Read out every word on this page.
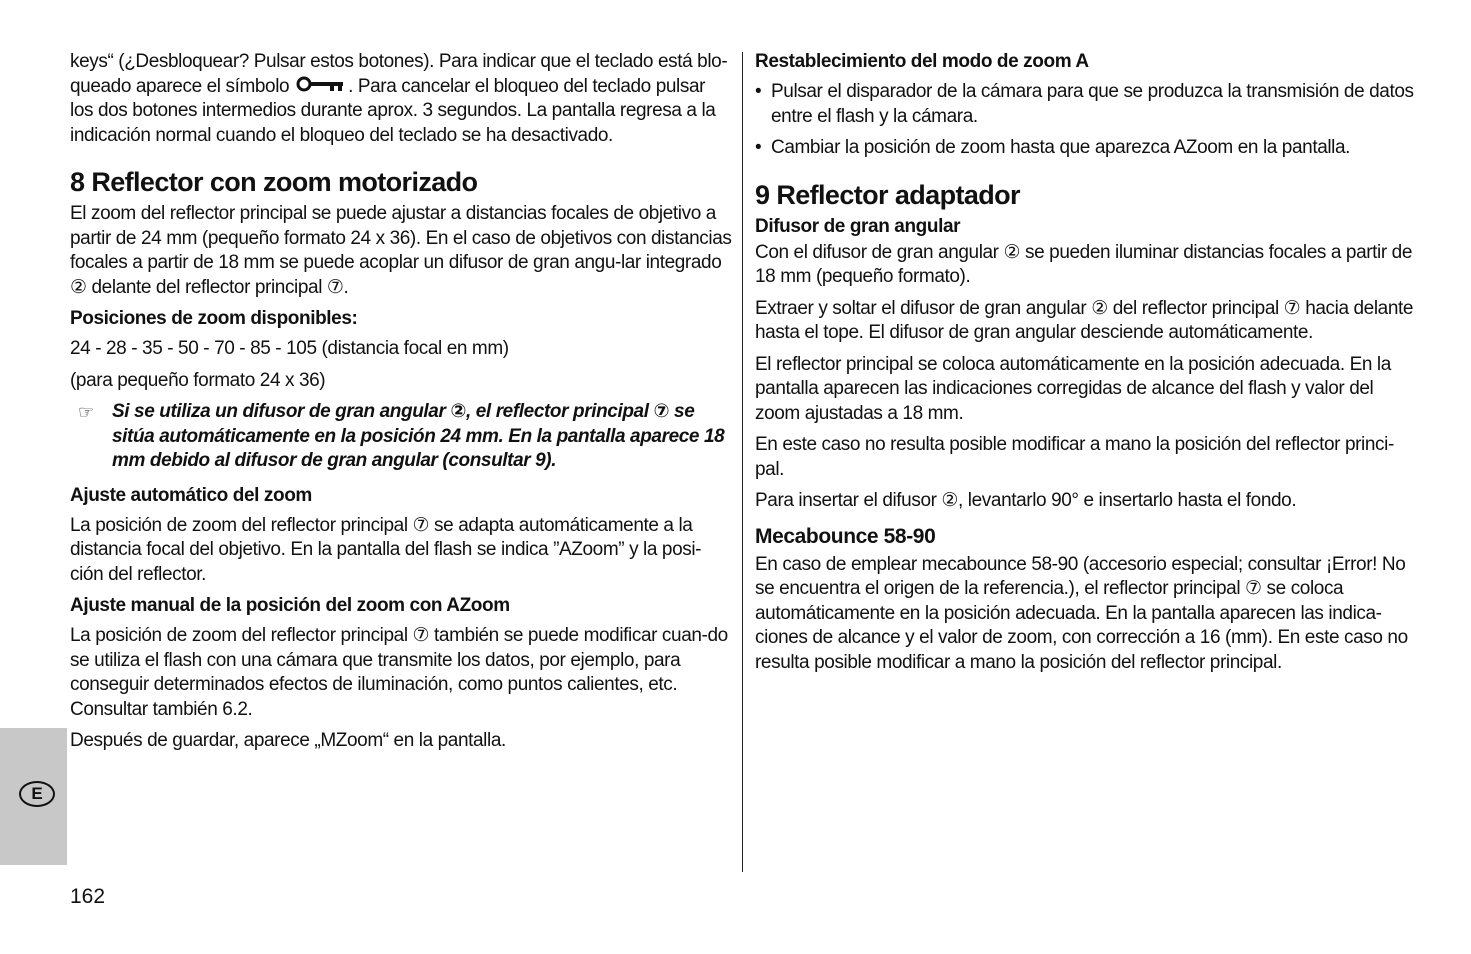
keys“ (¿Desbloquear? Pulsar estos botones). Para indicar que el teclado está blo-queado aparece el símbolo	. Para cancelar el bloqueo del teclado pulsar los dos botones intermedios durante aprox. 3 segundos. La pantalla regresa a la indicación normal cuando el bloqueo del teclado se ha desactivado.

8 Reflector con zoom motorizado

El zoom del reflector principal se puede ajustar a distancias focales de objetivo a partir de 24 mm (pequeño formato 24 x 36). En el caso de objetivos con distancias focales a partir de 18 mm se puede acoplar un difusor de gran angu-lar integrado ② delante del reflector principal ⑦.

Posiciones de zoom disponibles:

24 - 28 - 35 - 50 - 70 - 85 - 105 (distancia focal en mm)

(para pequeño formato 24 x 36)

☞ Si se utiliza un difusor de gran angular ②, el reflector principal ⑦ se sitúa automáticamente en la posición 24 mm. En la pantalla aparece 18 mm debido al difusor de gran angular (consultar 9).
Ajuste automático del zoom

La posición de zoom del reflector principal ⑦ se adapta automáticamente a la distancia focal del objetivo. En la pantalla del flash se indica ”AZoom” y la posi-ción del reflector.

Ajuste manual de la posición del zoom con AZoom

La posición de zoom del reflector principal ⑦ también se puede modificar cuan-do se utiliza el flash con una cámara que transmite los datos, por ejemplo, para conseguir determinados efectos de iluminación, como puntos calientes, etc. Consultar también 6.2.

Después de guardar, aparece „MZoom“ en la pantalla.

Restablecimiento del modo de zoom A
• Pulsar el disparador de la cámara para que se produzca la transmisión de datos entre el flash y la cámara.
• Cambiar la posición de zoom hasta que aparezca AZoom en la pantalla.
9 Reflector adaptador
Difusor de gran angular

Con el difusor de gran angular ② se pueden iluminar distancias focales a partir de 18 mm (pequeño formato).

Extraer y soltar el difusor de gran angular ② del reflector principal ⑦ hacia delante hasta el tope. El difusor de gran angular desciende automáticamente.

El reflector principal se coloca automáticamente en la posición adecuada. En la pantalla aparecen las indicaciones corregidas de alcance del flash y valor del zoom ajustadas a 18 mm.

En este caso no resulta posible modificar a mano la posición del reflector princi-pal.

Para insertar el difusor ②, levantarlo 90° e insertarlo hasta el fondo.

Mecabounce 58-90

En caso de emplear mecabounce 58-90 (accesorio especial; consultar ¡Error! No se encuentra el origen de la referencia.), el reflector principal ⑦ se coloca automáticamente en la posición adecuada. En la pantalla aparecen las indica-ciones de alcance y el valor de zoom, con corrección a 16 (mm). En este caso no resulta posible modificar a mano la posición del reflector principal.

E
162
